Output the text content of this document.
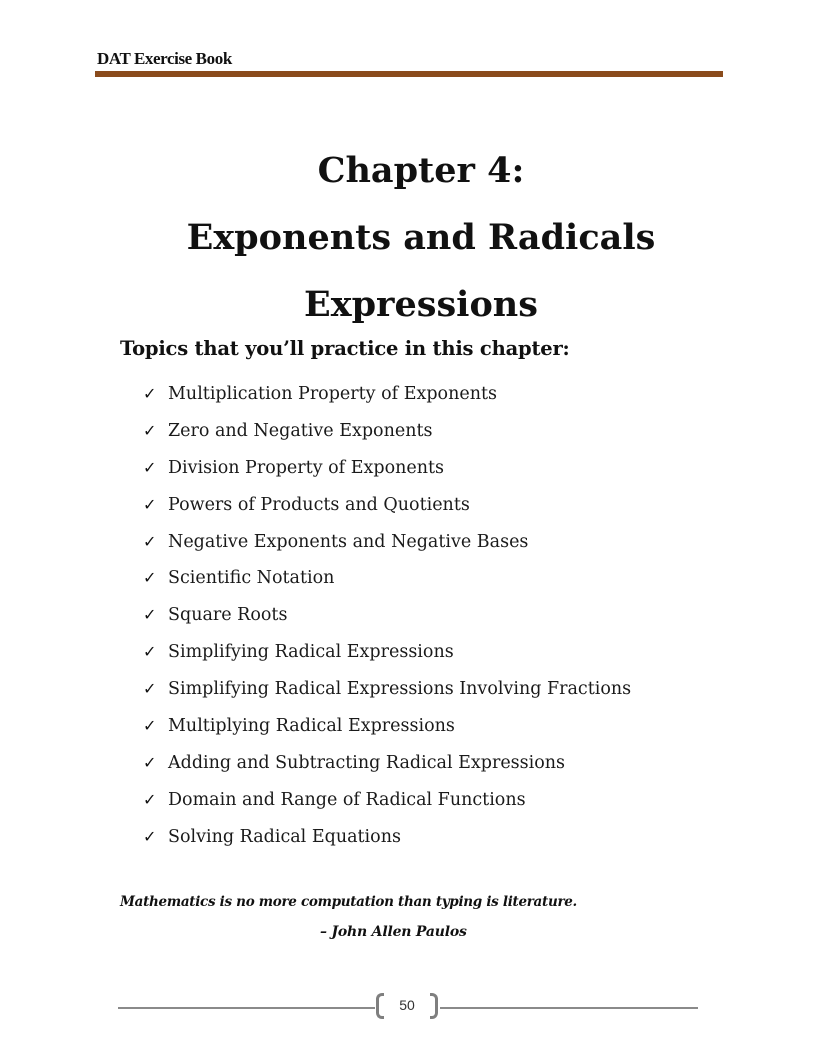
DAT Exercise Book
Chapter 4:
Exponents and Radicals
Expressions
Topics that you’ll practice in this chapter:
✓ Multiplication Property of Exponents
✓ Zero and Negative Exponents
✓ Division Property of Exponents
✓ Powers of Products and Quotients
✓ Negative Exponents and Negative Bases
✓ Scientific Notation
✓ Square Roots
✓ Simplifying Radical Expressions
✓ Simplifying Radical Expressions Involving Fractions
✓ Multiplying Radical Expressions
✓ Adding and Subtracting Radical Expressions
✓ Domain and Range of Radical Functions
✓ Solving Radical Equations
Mathematics is no more computation than typing is literature.
– John Allen Paulos
50
